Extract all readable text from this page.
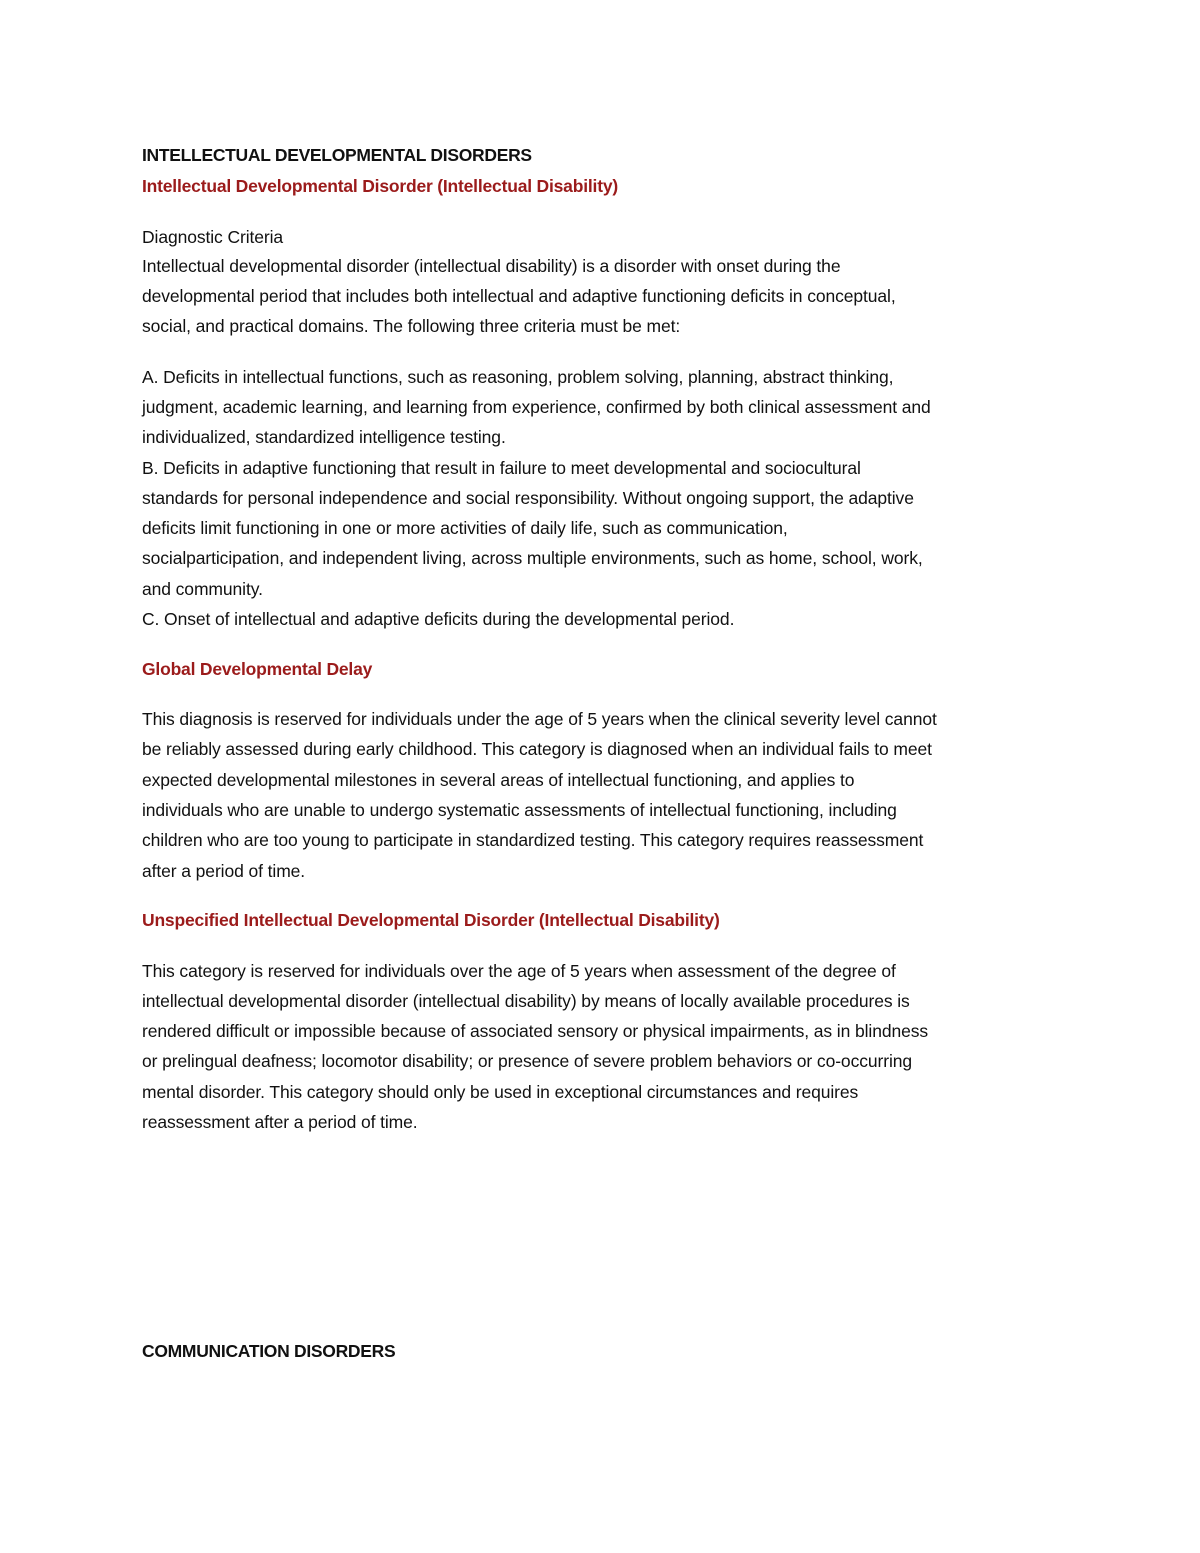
INTELLECTUAL DEVELOPMENTAL DISORDERS
Intellectual Developmental Disorder (Intellectual Disability)
Diagnostic Criteria
Intellectual developmental disorder (intellectual disability) is a disorder with onset during the
developmental period that includes both intellectual and adaptive functioning deficits in conceptual,
social, and practical domains. The following three criteria must be met:
A. Deficits in intellectual functions, such as reasoning, problem solving, planning, abstract thinking,
judgment, academic learning, and learning from experience, confirmed by both clinical assessment and
individualized, standardized intelligence testing.
B. Deficits in adaptive functioning that result in failure to meet developmental and sociocultural
standards for personal independence and social responsibility. Without ongoing support, the adaptive
deficits limit functioning in one or more activities of daily life, such as communication,
socialparticipation, and independent living, across multiple environments, such as home, school, work,
and community.
C. Onset of intellectual and adaptive deficits during the developmental period.
Global Developmental Delay
This diagnosis is reserved for individuals under the age of 5 years when the clinical severity level cannot
be reliably assessed during early childhood. This category is diagnosed when an individual fails to meet
expected developmental milestones in several areas of intellectual functioning, and applies to
individuals who are unable to undergo systematic assessments of intellectual functioning, including
children who are too young to participate in standardized testing. This category requires reassessment
after a period of time.
Unspecified Intellectual Developmental Disorder (Intellectual Disability)
This category is reserved for individuals over the age of 5 years when assessment of the degree of
intellectual developmental disorder (intellectual disability) by means of locally available procedures is
rendered difficult or impossible because of associated sensory or physical impairments, as in blindness
or prelingual deafness; locomotor disability; or presence of severe problem behaviors or co-occurring
mental disorder. This category should only be used in exceptional circumstances and requires
reassessment after a period of time.
COMMUNICATION DISORDERS
